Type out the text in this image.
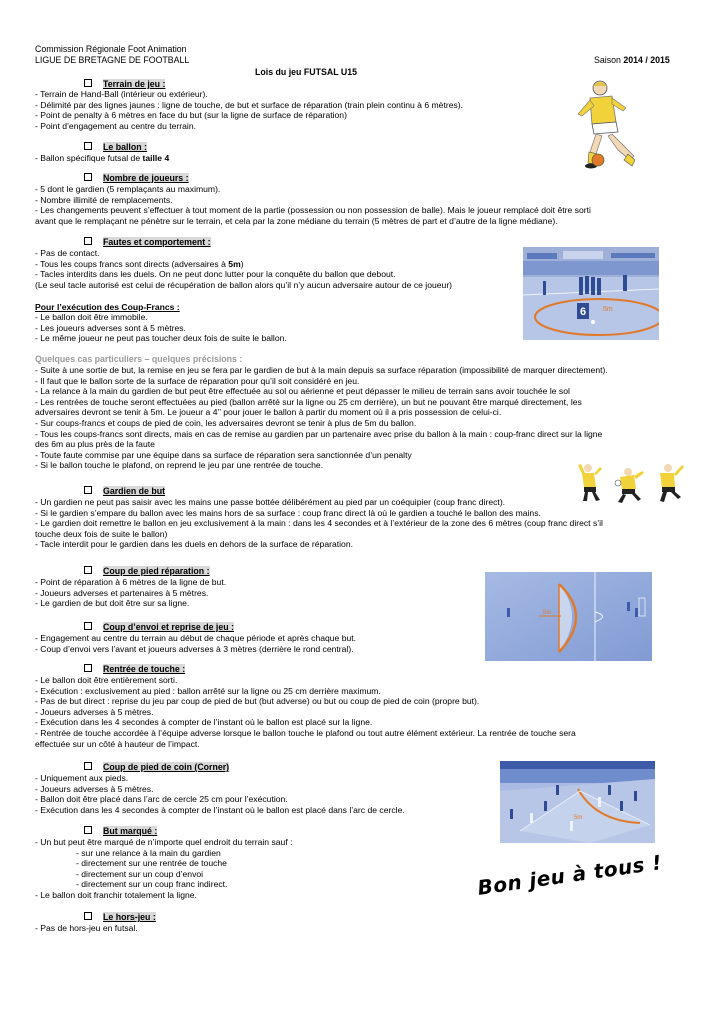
Commission Régionale Foot Animation
LIGUE DE BRETAGNE DE FOOTBALL	Saison 2014 / 2015
Lois du jeu FUTSAL U15
Terrain de jeu :
- Terrain de Hand-Ball (intérieur ou extérieur).
- Délimité par des lignes jaunes : ligne de touche, de but et surface de réparation (train plein continu à 6 mètres).
- Point de penalty à 6 mètres en face du but (sur la ligne de surface de réparation)
- Point d’engagement au centre du terrain.
Le ballon :
- Ballon spécifique futsal de taille 4
Nombre de joueurs :
- 5 dont le gardien (5 remplaçants au maximum).
- Nombre illimité de remplacements.
- Les changements peuvent s’effectuer à tout moment de la partie (possession ou non possession de balle). Mais le joueur remplacé doit être sorti
avant que le remplaçant ne pénètre sur le terrain, et cela par la zone médiane du terrain (5 mètres de part et d’autre de la ligne médiane).
Fautes et comportement :
- Pas de contact.
- Tous les coups francs sont directs (adversaires à 5m)
- Tacles interdits dans les duels. On ne peut donc lutter pour la conquête du ballon que debout.
(Le seul tacle autorisé est celui de récupération de ballon alors qu’il n’y aucun adversaire autour de ce joueur)
Pour l’exécution des Coup-Francs :
- Le ballon doit être immobile.
- Les joueurs adverses sont à 5 mètres.
- Le même joueur ne peut pas toucher deux fois de suite le ballon.
Quelques cas particuliers – quelques précisions :
- Suite à une sortie de but, la remise en jeu se fera par le gardien de but à la main depuis sa surface réparation (impossibilité de marquer directement).
- Il faut que le ballon sorte de la surface de réparation pour qu’il soit considéré en jeu.
- La relance à la main du gardien de but peut être effectuée au sol ou aérienne et peut dépasser le milieu de terrain sans avoir touchée le sol
- Les rentrées de touche seront effectuées au pied (ballon arrêté sur la ligne ou 25 cm derrière), un but ne pouvant être marqué directement, les
adversaires devront se tenir à 5m. Le joueur a 4’’ pour jouer le ballon à partir du moment où il a pris possession de celui-ci.
- Sur coups-francs et coups de pied de coin, les adversaires devront se tenir à plus de 5m du ballon.
- Tous les coups-francs sont directs, mais en cas de remise au gardien par un partenaire avec prise du ballon à la main : coup-franc direct sur la ligne
des 6m au plus près de la faute
- Toute faute commise par une équipe dans sa surface de réparation sera sanctionnée d’un penalty
- Si le ballon touche le plafond, on reprend le jeu par une rentrée de touche.
Gardien de but
- Un gardien ne peut pas saisir avec les mains une passe bottée délibérément au pied par un coéquipier (coup franc direct).
- Si le gardien s’empare du ballon avec les mains hors de sa surface : coup franc direct là où le gardien a touché le ballon des mains.
- Le gardien doit remettre le ballon en jeu exclusivement à la main : dans les 4 secondes et à l’extérieur de la zone des 6 mètres (coup franc direct s’il
touche deux fois de suite le ballon)
- Tacle interdit pour le gardien dans les duels en dehors de la surface de réparation.
Coup de pied réparation :
- Point de réparation à 6 mètres de la ligne de but.
- Joueurs adverses et partenaires à 5 mètres.
- Le gardien de but doit être sur sa ligne.
Coup d’envoi et reprise de jeu :
- Engagement au centre du terrain au début de chaque période et après chaque but.
- Coup d’envoi vers l’avant et joueurs adverses à 3 mètres (derrière le rond central).
Rentrée de touche :
- Le ballon doit être entièrement sorti.
- Exécution : exclusivement au pied : ballon arrêté sur la ligne ou 25 cm derrière maximum.
- Pas de but direct : reprise du jeu par coup de pied de but (but adverse) ou but ou coup de pied de coin (propre but).
- Joueurs adverses à 5 mètres.
- Exécution dans les 4 secondes à compter de l’instant où le ballon est placé sur la ligne.
- Rentrée de touche accordée à l’équipe adverse lorsque le ballon touche le plafond ou tout autre élément extérieur. La rentrée de touche sera
effectuée sur un côté à hauteur de l’impact.
Coup de pied de coin (Corner)
- Uniquement aux pieds.
- Joueurs adverses à 5 mètres.
- Ballon doit être placé dans l’arc de cercle 25 cm pour l’exécution.
- Exécution dans les 4 secondes à compter de l’instant où le ballon est placé dans l’arc de cercle.
But marqué :
- Un but peut être marqué de n’importe quel endroit du terrain sauf :
- sur une relance à la main du gardien
- directement sur une rentrée de touche
- directement sur un coup d’envoi
- directement sur un coup franc indirect.
- Le ballon doit franchir totalement la ligne.
Le hors-jeu :
- Pas de hors-jeu en futsal.
Bon jeu à tous !
6 5m
5m
5m
